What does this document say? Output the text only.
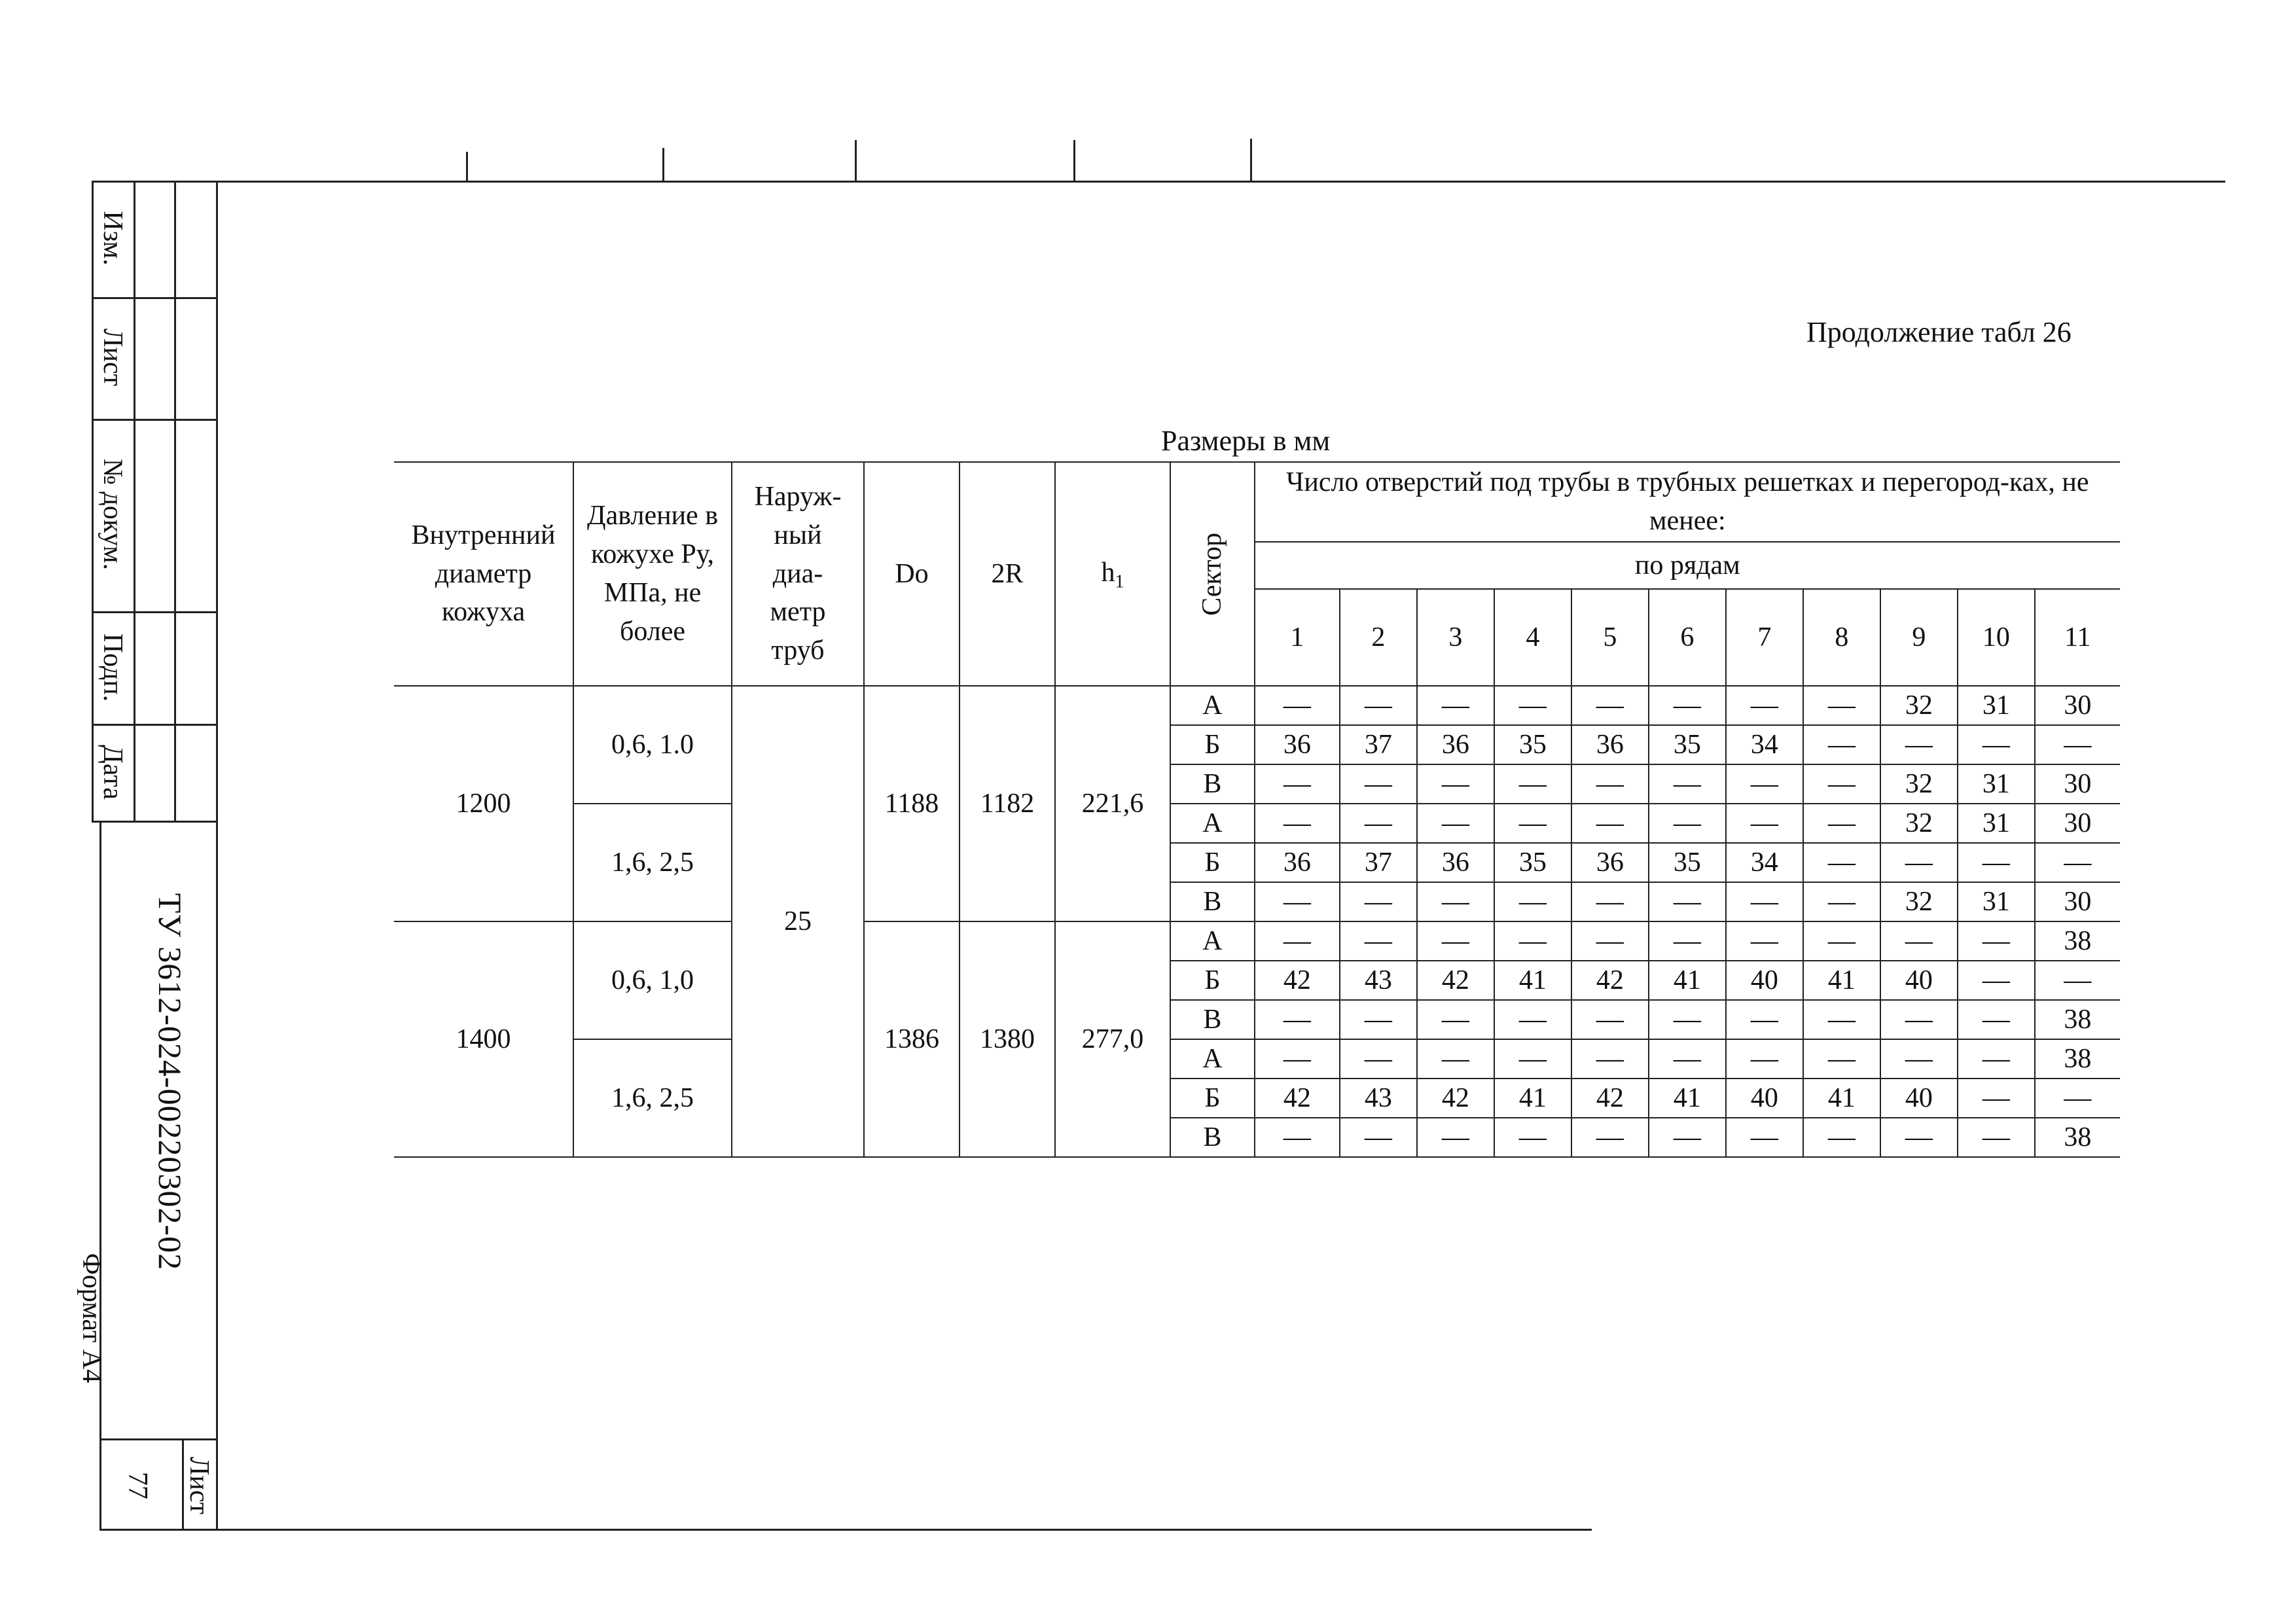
Изм.
Лист
№ докум.
Подп.
Дата
ТУ 3612-024-00220302-02
Формат А4
77 Лист
Продолжение табл 26
Размеры в мм
Внутренний диаметр кожуха	Давление в кожухе Ру, МПа, не более	Наруж-ный диа-метр труб	Do	2R	$h_1$	Сектор	Число отверстий под трубы в трубных решетках и перегород-ках, не менее:										
							по рядам										
							1	2	3	4	5	6	7	8	9	10	11
1200	0,6, 1.0	25	1188	1182	221,6	А	—	—	—	—	—	—	—	—	32	31	30
						Б	36	37	36	35	36	35	34	—	—	—	—
						В	—	—	—	—	—	—	—	—	32	31	30
	1,6, 2,5					А	—	—	—	—	—	—	—	—	32	31	30
						Б	36	37	36	35	36	35	34	—	—	—	—
						В	—	—	—	—	—	—	—	—	32	31	30
1400	0,6, 1,0		1386	1380	277,0	А	—	—	—	—	—	—	—	—	—	—	38
						Б	42	43	42	41	42	41	40	41	40	—	—
						В	—	—	—	—	—	—	—	—	—	—	38
	1,6, 2,5					А	—	—	—	—	—	—	—	—	—	—	38
						Б	42	43	42	41	42	41	40	41	40	—	—
						В	—	—	—	—	—	—	—	—	—	—	38
